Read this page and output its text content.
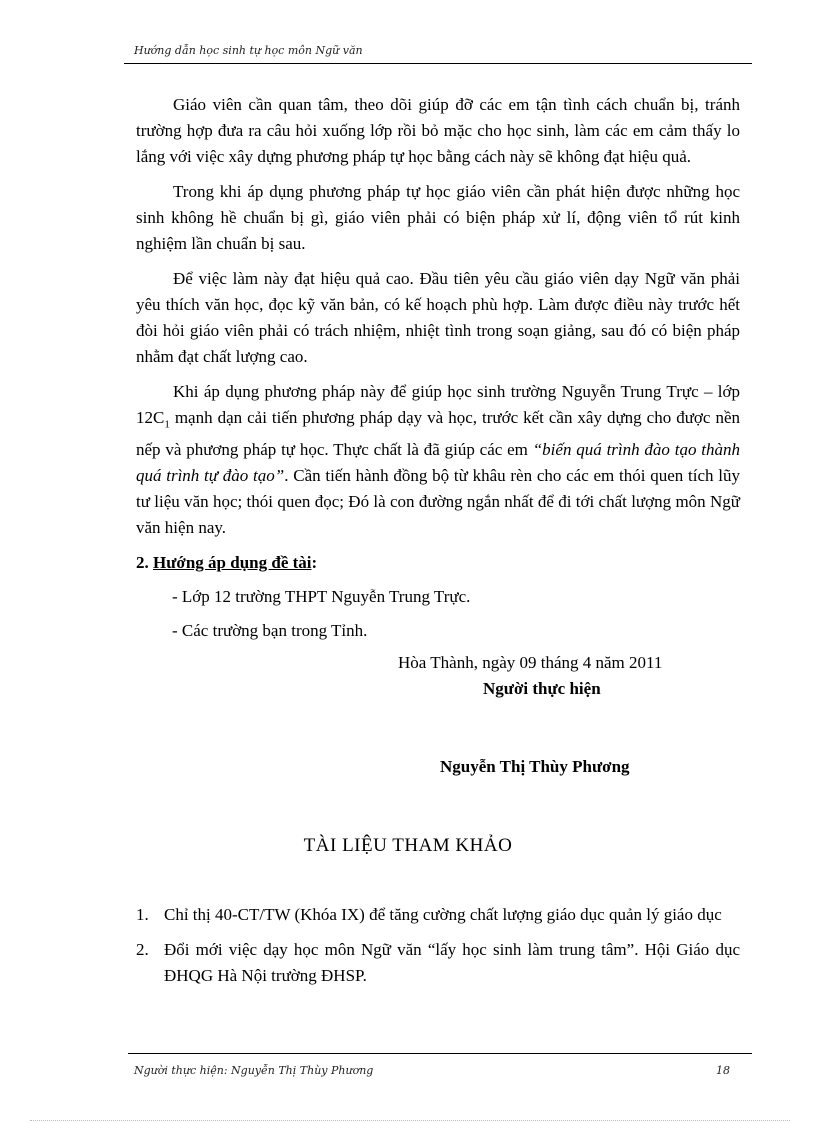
Hướng dẫn học sinh tự học môn Ngữ văn

Giáo viên cần quan tâm, theo dõi giúp đỡ các em tận tình cách chuẩn bị, tránh trường hợp đưa ra câu hỏi xuống lớp rồi bỏ mặc cho học sinh, làm các em cảm thấy lo lắng với việc xây dựng phương pháp tự học bằng cách này sẽ không đạt hiệu quả.

Trong khi áp dụng phương pháp tự học giáo viên cần phát hiện được những học sinh không hề chuẩn bị gì, giáo viên phải có biện pháp xử lí, động viên tổ rút kinh nghiệm lần chuẩn bị sau.

Để việc làm này đạt hiệu quả cao. Đầu tiên yêu cầu giáo viên dạy Ngữ văn phải yêu thích văn học, đọc kỹ văn bản, có kế hoạch phù hợp. Làm được điều này trước hết đòi hỏi giáo viên phải có trách nhiệm, nhiệt tình trong soạn giảng, sau đó có biện pháp nhằm đạt chất lượng cao.

Khi áp dụng phương pháp này để giúp học sinh trường Nguyễn Trung Trực – lớp $12C_1$ mạnh dạn cải tiến phương pháp dạy và học, trước kết cần xây dựng cho được nền nếp và phương pháp tự học. Thực chất là đã giúp các em “biến quá trình đào tạo thành quá trình tự đào tạo”. Cần tiến hành đồng bộ từ khâu rèn cho các em thói quen tích lũy tư liệu văn học; thói quen đọc; Đó là con đường ngắn nhất để đi tới chất lượng môn Ngữ văn hiện nay.

2. Hướng áp dụng đề tài:
- Lớp 12 trường THPT Nguyễn Trung Trực.
- Các trường bạn trong Tỉnh.
Hòa Thành, ngày 09 tháng 4 năm 2011
Người thực hiện
Nguyễn Thị Thùy Phương
TÀI LIỆU THAM KHẢO
1. Chỉ thị 40-CT/TW (Khóa IX) để tăng cường chất lượng giáo dục quản lý giáo dục
2. Đổi mới việc dạy học môn Ngữ văn “lấy học sinh làm trung tâm”. Hội Giáo dục ĐHQG Hà Nội trường ĐHSP.
Người thực hiện: Nguyễn Thị Thùy Phương	18
